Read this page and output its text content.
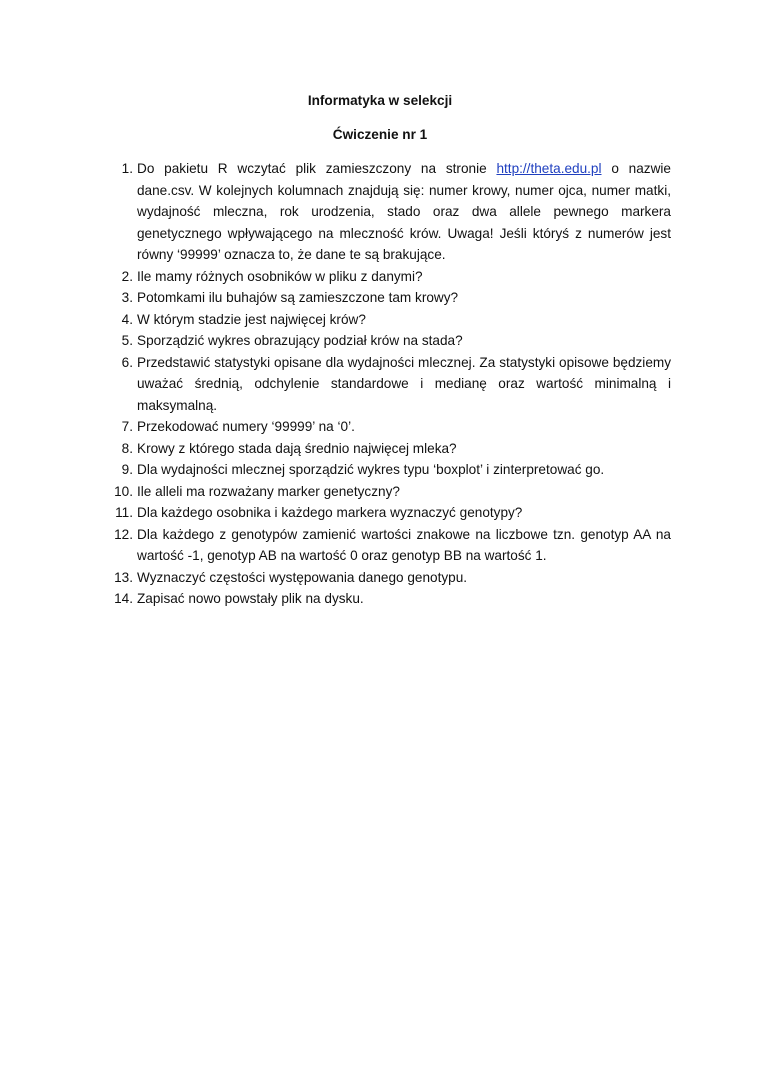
Informatyka w selekcji
Ćwiczenie nr 1
1. Do pakietu R wczytać plik zamieszczony na stronie http://theta.edu.pl o nazwie dane.csv. W kolejnych kolumnach znajdują się: numer krowy, numer ojca, numer matki, wydajność mleczna, rok urodzenia, stado oraz dwa allele pewnego markera genetycznego wpływającego na mleczność krów. Uwaga! Jeśli któryś z numerów jest równy ‘99999’ oznacza to, że dane te są brakujące.
2. Ile mamy różnych osobników w pliku z danymi?
3. Potomkami ilu buhajów są zamieszczone tam krowy?
4. W którym stadzie jest najwięcej krów?
5. Sporządzić wykres obrazujący podział krów na stada?
6. Przedstawić statystyki opisane dla wydajności mlecznej. Za statystyki opisowe będziemy uważać średnią, odchylenie standardowe i medianę oraz wartość minimalną i maksymalną.
7. Przekodować numery ‘99999’ na ‘0’.
8. Krowy z którego stada dają średnio najwięcej mleka?
9. Dla wydajności mlecznej sporządzić wykres typu ‘boxplot’ i zinterpretować go.
10. Ile alleli ma rozważany marker genetyczny?
11. Dla każdego osobnika i każdego markera wyznaczyć genotypy?
12. Dla każdego z genotypów zamienić wartości znakowe na liczbowe tzn. genotyp AA na wartość -1, genotyp AB na wartość 0 oraz genotyp BB na wartość 1.
13. Wyznaczyć częstości występowania danego genotypu.
14. Zapisać nowo powstały plik na dysku.
